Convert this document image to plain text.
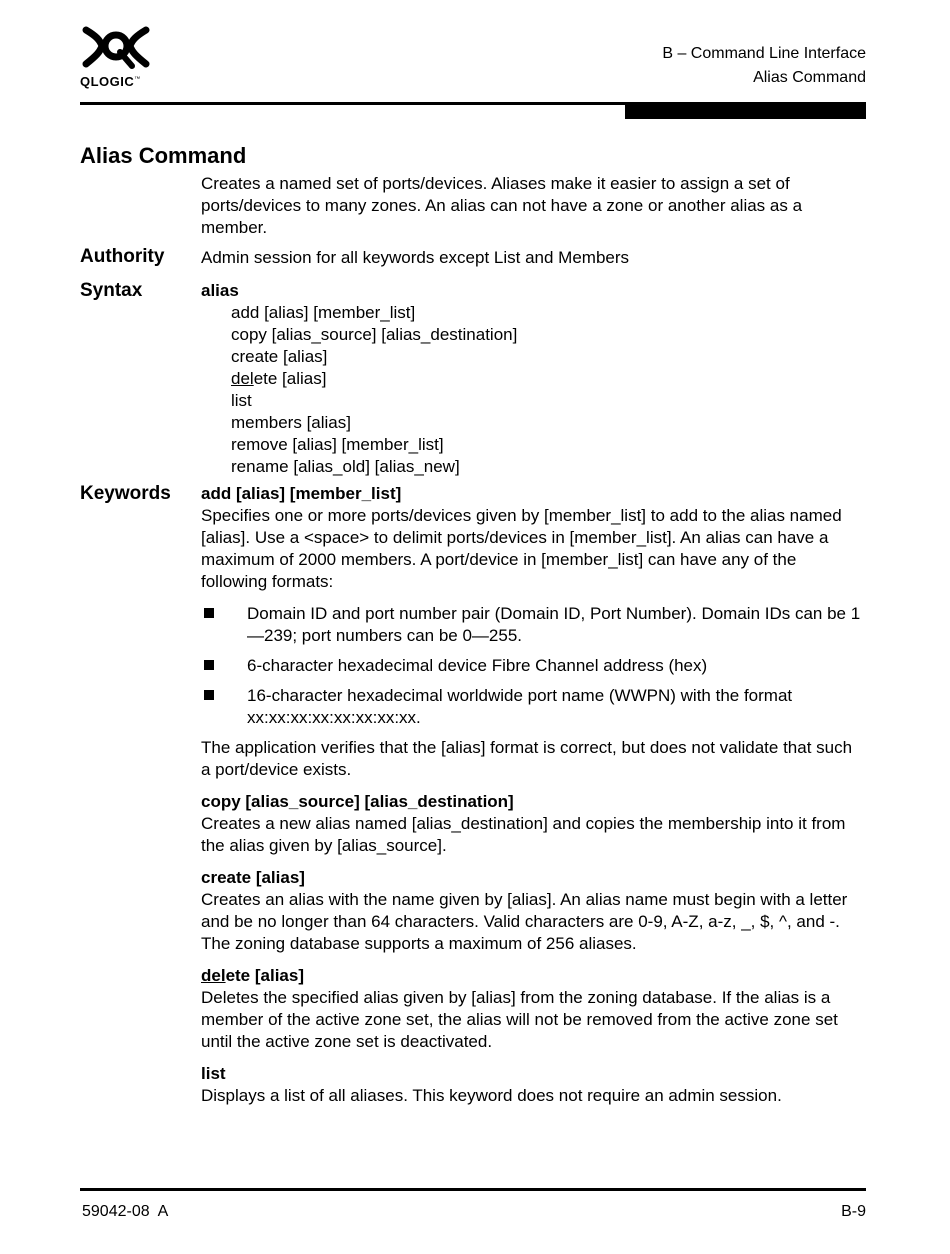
QLOGIC™
B – Command Line Interface
Alias Command
Alias Command

Creates a named set of ports/devices. Aliases make it easier to assign a set of ports/devices to many zones. An alias can not have a zone or another alias as a member.

Authority Admin session for all keywords except List and Members
Syntax	alias
add [alias] [member_list]
copy [alias_source] [alias_destination]
create [alias]
delete [alias]
list
members [alias]
remove [alias] [member_list]
rename [alias_old] [alias_new]
Keywords add [alias] [member_list]

Specifies one or more ports/devices given by [member_list] to add to the alias named [alias]. Use a <space> to delimit ports/devices in [member_list]. An alias can have a maximum of 2000 members. A port/device in [member_list] can have any of the following formats:

Domain ID and port number pair (Domain ID, Port Number). Domain IDs can be 1—239; port numbers can be 0—255.
6-character hexadecimal device Fibre Channel address (hex)
16-character hexadecimal worldwide port name (WWPN) with the format xx:xx:xx:xx:xx:xx:xx:xx.

The application verifies that the [alias] format is correct, but does not validate that such a port/device exists.

copy [alias_source] [alias_destination]

Creates a new alias named [alias_destination] and copies the membership into it from the alias given by [alias_source].

create [alias]

Creates an alias with the name given by [alias]. An alias name must begin with a letter and be no longer than 64 characters. Valid characters are 0-9, A-Z, a-z, _, $, ^, and -. The zoning database supports a maximum of 256 aliases.

delete [alias]

Deletes the specified alias given by [alias] from the zoning database. If the alias is a member of the active zone set, the alias will not be removed from the active zone set until the active zone set is deactivated.

list

Displays a list of all aliases. This keyword does not require an admin session.

59042-08  A	B-9
